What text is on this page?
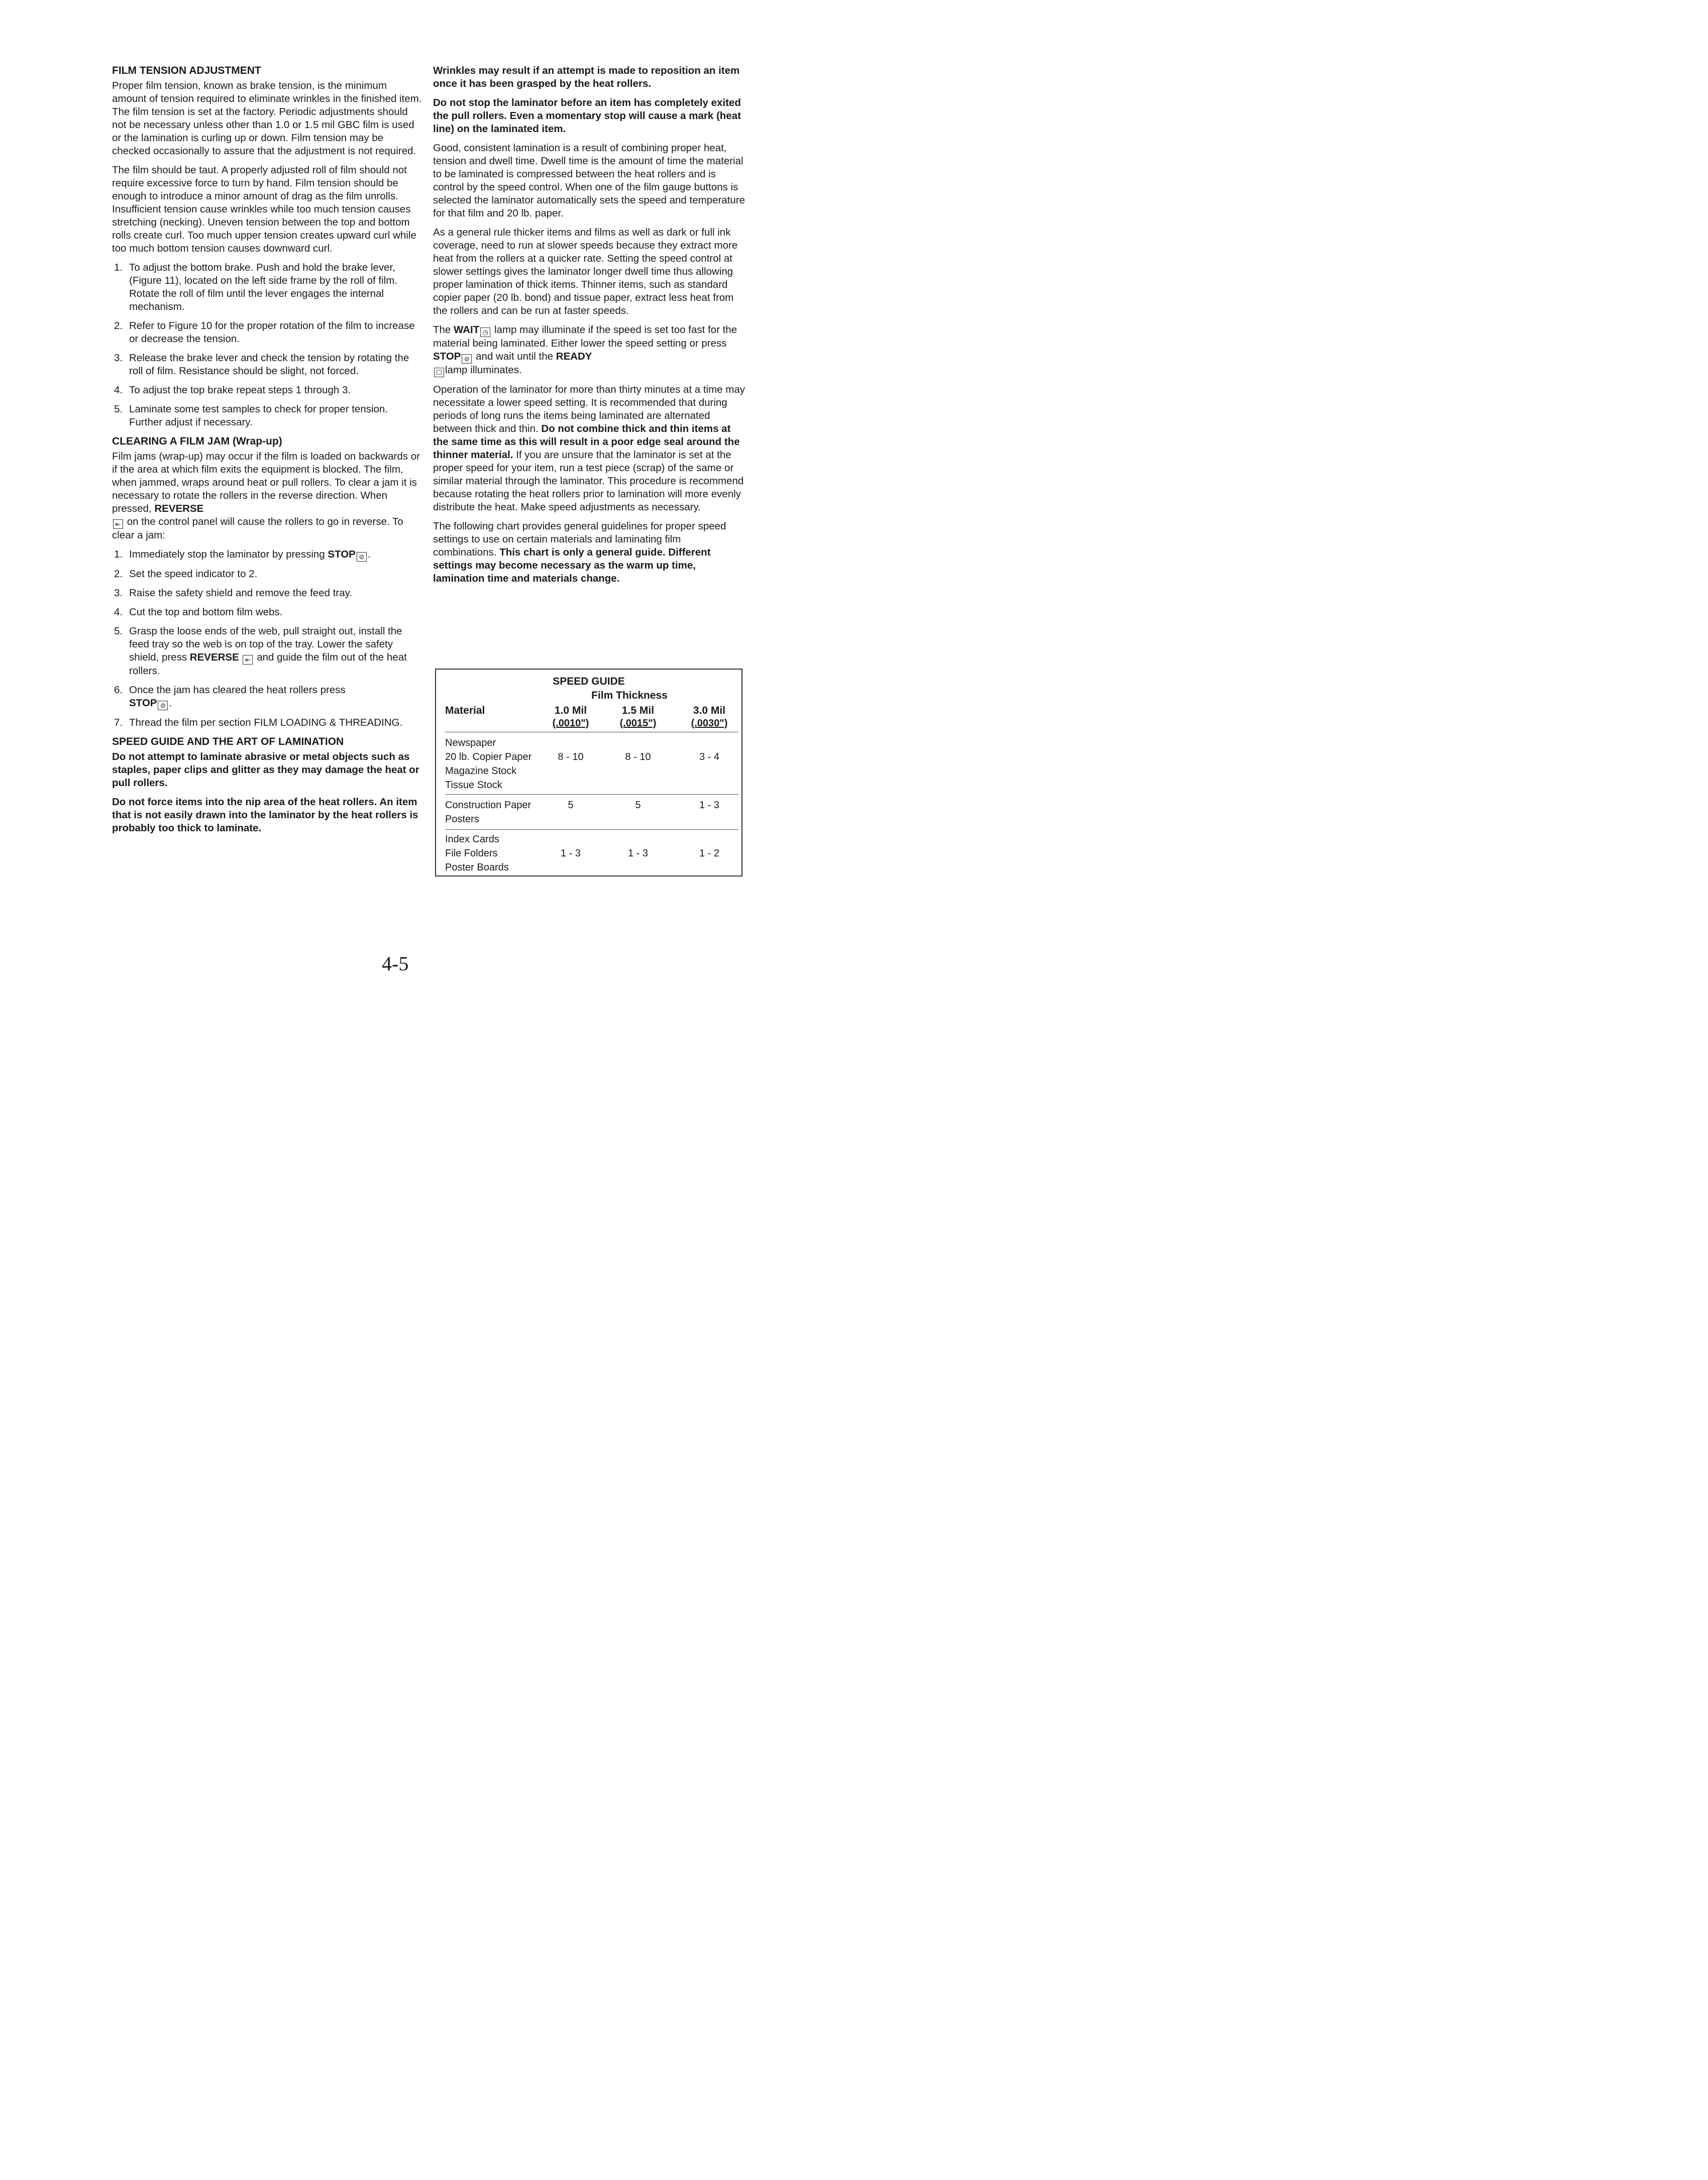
FILM TENSION ADJUSTMENT

Proper film tension, known as brake tension, is the minimum amount of tension required to eliminate wrinkles in the finished item. The film tension is set at the factory. Periodic adjustments should not be necessary unless other than 1.0 or 1.5 mil GBC film is used or the lamination is curling up or down. Film tension may be checked occasionally to assure that the adjustment is not required.

The film should be taut. A properly adjusted roll of film should not require excessive force to turn by hand. Film tension should be enough to introduce a minor amount of drag as the film unrolls. Insufficient tension cause wrinkles while too much tension causes stretching (necking). Uneven tension between the top and bottom rolls create curl. Too much upper tension creates upward curl while too much bottom tension causes downward curl.

1. To adjust the bottom brake. Push and hold the brake lever, (Figure 11), located on the left side frame by the roll of film. Rotate the roll of film until the lever engages the internal mechanism.
2. Refer to Figure 10 for the proper rotation of the film to increase or decrease the tension.
3. Release the brake lever and check the tension by rotating the roll of film. Resistance should be slight, not forced.
4. To adjust the top brake repeat steps 1 through 3.
5. Laminate some test samples to check for proper tension. Further adjust if necessary.
CLEARING A FILM JAM (Wrap-up)

Film jams (wrap-up) may occur if the film is loaded on backwards or if the area at which film exits the equipment is blocked. The film, when jammed, wraps around heat or pull rollers. To clear a jam it is necessary to rotate the rollers in the reverse direction. When pressed, REVERSE
⇤ on the control panel will cause the rollers to go in reverse. To clear a jam:

1. Immediately stop the laminator by pressing STOP ⊘ .
2. Set the speed indicator to 2.
3. Raise the safety shield and remove the feed tray.
4. Cut the top and bottom film webs.
5. Grasp the loose ends of the web, pull straight out, install the feed tray so the web is on top of the tray. Lower the safety shield, press REVERSE ⇤ and guide the film out of the heat rollers.
6. Once the jam has cleared the heat rollers press
STOP ⊘ .
7. Thread the film per section FILM LOADING & THREADING.
SPEED GUIDE AND THE ART OF LAMINATION

Do not attempt to laminate abrasive or metal objects such as staples, paper clips and glitter as they may damage the heat or pull rollers.

Do not force items into the nip area of the heat rollers. An item that is not easily drawn into the laminator by the heat rollers is probably too thick to laminate.

Wrinkles may result if an attempt is made to reposition an item once it has been grasped by the heat rollers.

Do not stop the laminator before an item has completely exited the pull rollers. Even a momentary stop will cause a mark (heat line) on the laminated item.

Good, consistent lamination is a result of combining proper heat, tension and dwell time. Dwell time is the amount of time the material to be laminated is compressed between the heat rollers and is control by the speed control. When one of the film gauge buttons is selected the laminator automatically sets the speed and temperature for that film and 20 lb. paper.

As a general rule thicker items and films as well as dark or full ink coverage, need to run at slower speeds because they extract more heat from the rollers at a quicker rate. Setting the speed control at slower settings gives the laminator longer dwell time thus allowing proper lamination of thick items. Thinner items, such as standard copier paper (20 lb. bond) and tissue paper, extract less heat from the rollers and can be run at faster speeds.

The WAIT ◷ lamp may illuminate if the speed is set too fast for the material being laminated. Either lower the speed setting or press STOP ⊘ and wait until the READY
☐ lamp illuminates.

Operation of the laminator for more than thirty minutes at a time may necessitate a lower speed setting. It is recommended that during periods of long runs the items being laminated are alternated between thick and thin. Do not combine thick and thin items at the same time as this will result in a poor edge seal around the thinner material. If you are unsure that the laminator is set at the proper speed for your item, run a test piece (scrap) of the same or similar material through the laminator. This procedure is recommend because rotating the heat rollers prior to lamination will more evenly distribute the heat. Make speed adjustments as necessary.

The following chart provides general guidelines for proper speed settings to use on certain materials and laminating film combinations. This chart is only a general guide. Different settings may become necessary as the warm up time, lamination time and materials change.

SPEED GUIDE
Film Thickness
Material	1.0 Mil	1.5 Mil	3.0 Mil
(.0010")	(.0015")	(.0030")
Newspaper
20 lb. Copier Paper
Magazine Stock
Tissue Stock
8 - 10	8 - 10	3 - 4
Construction Paper
Posters
5	5	1 - 3
Index Cards
File Folders
Poster Boards
1 - 3	1 - 3	1 - 2
4-5
